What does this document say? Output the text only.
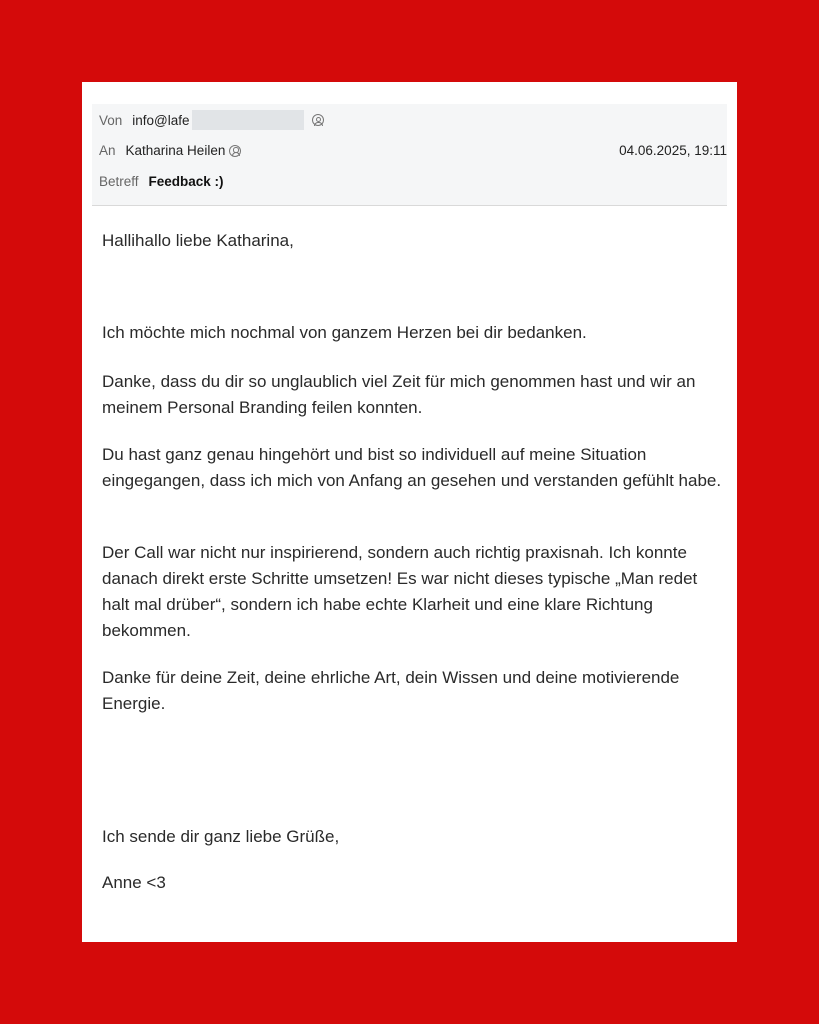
Von info@lafe
An Katharina Heilen	04.06.2025, 19:11
Betreff Feedback :)

Hallihallo liebe Katharina,

Ich möchte mich nochmal von ganzem Herzen bei dir bedanken.

Danke, dass du dir so unglaublich viel Zeit für mich genommen hast und wir an meinem Personal Branding feilen konnten.

Du hast ganz genau hingehört und bist so individuell auf meine Situation eingegangen, dass ich mich von Anfang an gesehen und verstanden gefühlt habe.

Der Call war nicht nur inspirierend, sondern auch richtig praxisnah. Ich konnte danach direkt erste Schritte umsetzen! Es war nicht dieses typische „Man redet halt mal drüber“, sondern ich habe echte Klarheit und eine klare Richtung bekommen.

Danke für deine Zeit, deine ehrliche Art, dein Wissen und deine motivierende Energie.

Ich sende dir ganz liebe Grüße,

Anne <3
